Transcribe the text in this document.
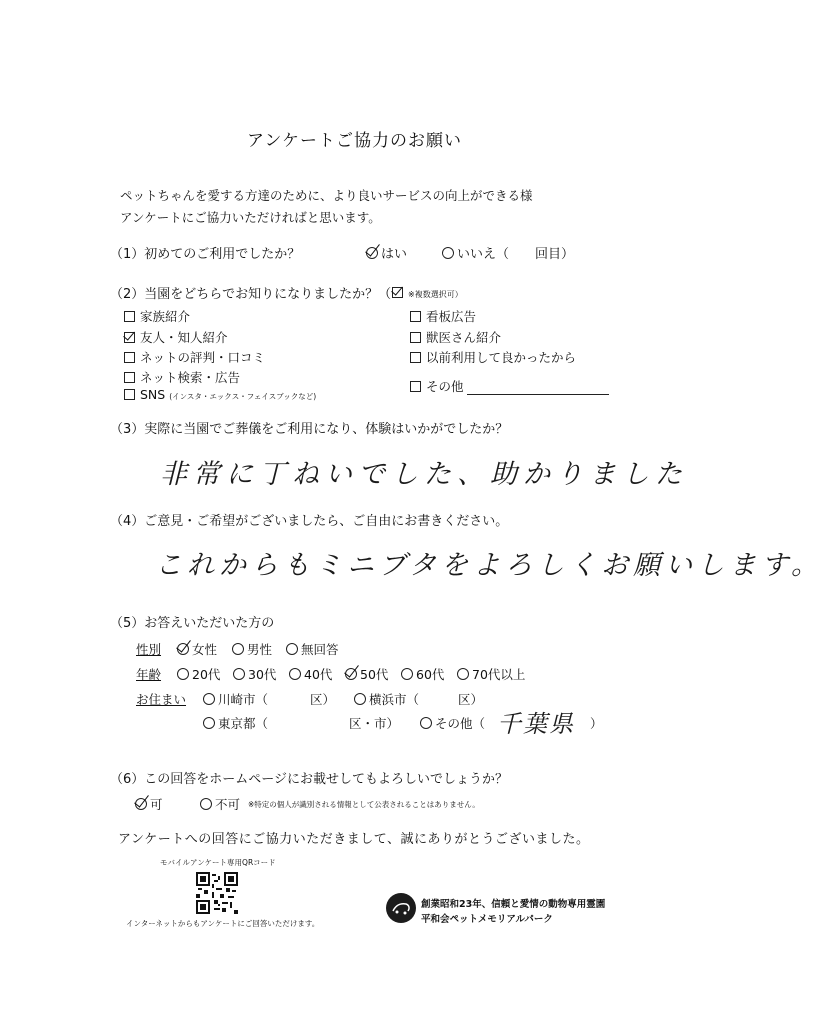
アンケートご協力のお願い
ペットちゃんを愛する方達のために、より良いサービスの向上ができる様
アンケートにご協力いただければと思います。
（1）初めてのご利用でしたか？	はい	いいえ（ 回目）
（2）当園をどちらでお知りになりましたか？（	※複数選択可）
家族紹介
友人・知人紹介
ネットの評判・口コミ
ネット検索・広告
SNS (インスタ・エックス・フェイスブックなど)
看板広告
獣医さん紹介
以前利用して良かったから
その他
（3）実際に当園でご葬儀をご利用になり、体験はいかがでしたか？
非常に丁ねいでした、助かりました
（4）ご意見・ご希望がございましたら、ご自由にお書きください。
これからもミニブタをよろしくお願いします。
（5）お答えいただいた方の
性別	女性	男性	無回答
年齢	20代	30代	40代	50代	60代	70代以上
お住まい	川崎市（	区）	横浜市（	区）
東京都（	区・市）	その他（ 千葉県 ）
（6）この回答をホームページにお載せしてもよろしいでしょうか？
可	不可 ※特定の個人が識別される情報として公表されることはありません。
アンケートへの回答にご協力いただきまして、誠にありがとうございました。
モバイルアンケート専用QRコード
インターネットからもアンケートにご回答いただけます。
創業昭和23年、信頼と愛情の動物専用霊園
平和会ペットメモリアルパーク
